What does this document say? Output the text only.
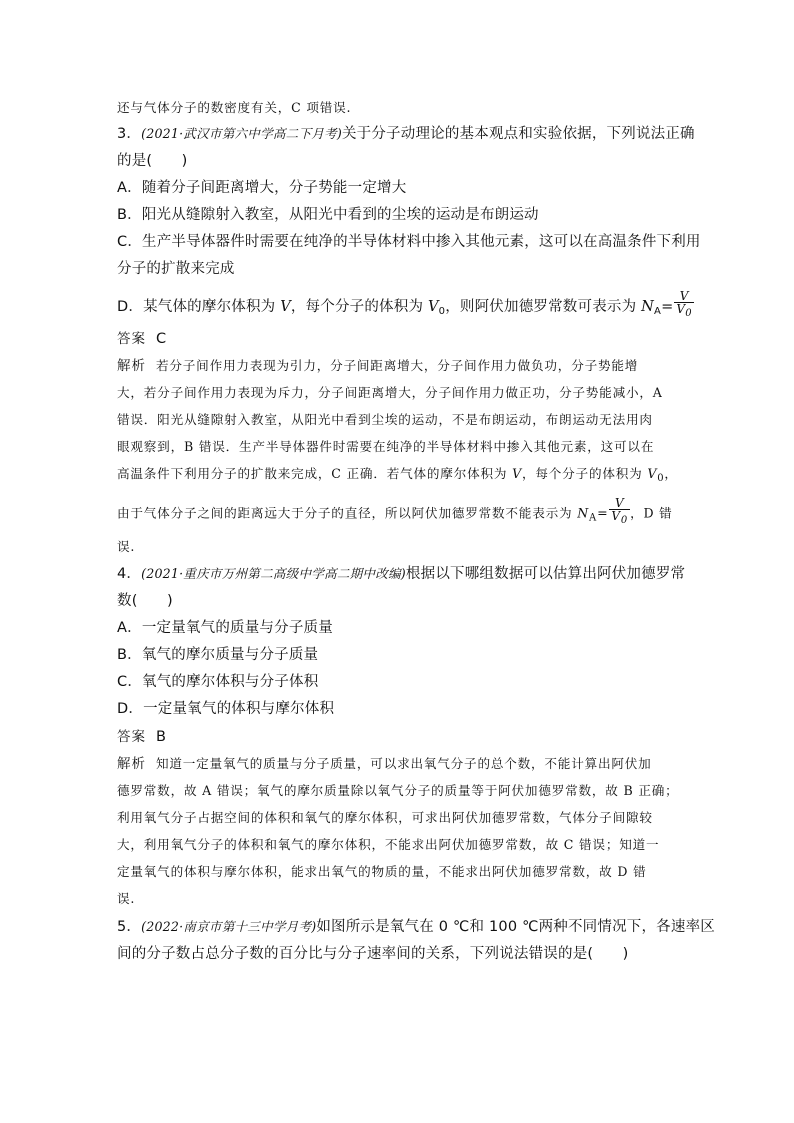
还与气体分子的数密度有关，C 项错误.
3．(2021·武汉市第六中学高二下月考)关于分子动理论的基本观点和实验依据，下列说法正确
的是(　　)
A．随着分子间距离增大，分子势能一定增大
B．阳光从缝隙射入教室，从阳光中看到的尘埃的运动是布朗运动
C．生产半导体器件时需要在纯净的半导体材料中掺入其他元素，这可以在高温条件下利用
分子的扩散来完成
D．某气体的摩尔体积为 V，每个分子的体积为 $V_0$，则阿伏加德罗常数可表示为 $N_A= \frac{V}{V_0}$
答案 C
解析 若分子间作用力表现为引力，分子间距离增大，分子间作用力做负功，分子势能增
大，若分子间作用力表现为斥力，分子间距离增大，分子间作用力做正功，分子势能减小，A
错误．阳光从缝隙射入教室，从阳光中看到尘埃的运动，不是布朗运动，布朗运动无法用肉
眼观察到，B 错误．生产半导体器件时需要在纯净的半导体材料中掺入其他元素，这可以在
高温条件下利用分子的扩散来完成，C 正确．若气体的摩尔体积为 V，每个分子的体积为 $V_0$，
由于气体分子之间的距离远大于分子的直径，所以阿伏加德罗常数不能表示为 $N_A= \frac{V}{V_0}$ ，D 错
误.
4．(2021·重庆市万州第二高级中学高二期中改编)根据以下哪组数据可以估算出阿伏加德罗常
数(　　)
A．一定量氧气的质量与分子质量
B．氧气的摩尔质量与分子质量
C．氧气的摩尔体积与分子体积
D．一定量氧气的体积与摩尔体积
答案 B
解析 知道一定量氧气的质量与分子质量，可以求出氧气分子的总个数，不能计算出阿伏加
德罗常数，故 A 错误；氧气的摩尔质量除以氧气分子的质量等于阿伏加德罗常数，故 B 正确；
利用氧气分子占据空间的体积和氧气的摩尔体积，可求出阿伏加德罗常数，气体分子间隙较
大，利用氧气分子的体积和氧气的摩尔体积，不能求出阿伏加德罗常数，故 C 错误；知道一
定量氧气的体积与摩尔体积，能求出氧气的物质的量，不能求出阿伏加德罗常数，故 D 错
误.
5．(2022·南京市第十三中学月考)如图所示是氧气在 0 ℃和 100 ℃两种不同情况下，各速率区
间的分子数占总分子数的百分比与分子速率间的关系，下列说法错误的是(　　)
